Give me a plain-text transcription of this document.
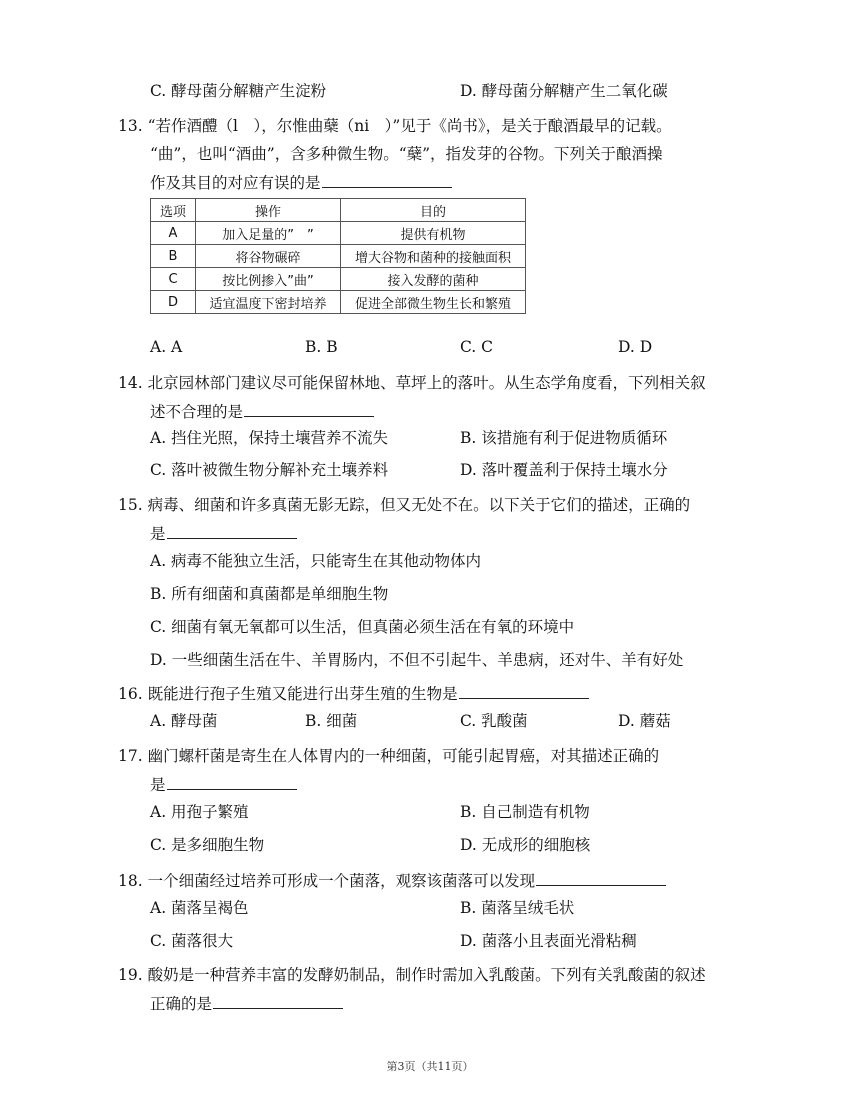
C. 酵母菌分解糖产生淀粉	D. 酵母菌分解糖产生二氧化碳
13. “若作酒醴（l　），尔惟曲蘖（ni　）”见于《尚书》，是关于酿酒最早的记载。
“曲”，也叫“酒曲”，含多种微生物。“蘖”，指发芽的谷物。下列关于酿酒操
作及其目的对应有误的是
选项	操作	目的
A	加入足量的”　”	提供有机物
B	将谷物碾碎	增大谷物和菌种的接触面积
C	按比例掺入”曲”	接入发酵的菌种
D	适宜温度下密封培养	促进全部微生物生长和繁殖
A. A	B. B	C. C	D. D
14. 北京园林部门建议尽可能保留林地、草坪上的落叶。从生态学角度看，下列相关叙
述不合理的是
A. 挡住光照，保持土壤营养不流失	B. 该措施有利于促进物质循环
C. 落叶被微生物分解补充土壤养料	D. 落叶覆盖利于保持土壤水分
15. 病毒、细菌和许多真菌无影无踪，但又无处不在。以下关于它们的描述，正确的
是
A. 病毒不能独立生活，只能寄生在其他动物体内
B. 所有细菌和真菌都是单细胞生物
C. 细菌有氧无氧都可以生活，但真菌必须生活在有氧的环境中
D. 一些细菌生活在牛、羊胃肠内，不但不引起牛、羊患病，还对牛、羊有好处
16. 既能进行孢子生殖又能进行出芽生殖的生物是
A. 酵母菌	B. 细菌	C. 乳酸菌	D. 蘑菇
17. 幽门螺杆菌是寄生在人体胃内的一种细菌，可能引起胃癌，对其描述正确的
是
A. 用孢子繁殖	B. 自己制造有机物
C. 是多细胞生物	D. 无成形的细胞核
18. 一个细菌经过培养可形成一个菌落，观察该菌落可以发现
A. 菌落呈褐色	B. 菌落呈绒毛状
C. 菌落很大	D. 菌落小且表面光滑粘稠
19. 酸奶是一种营养丰富的发酵奶制品，制作时需加入乳酸菌。下列有关乳酸菌的叙述
正确的是
第3页（共11页）
